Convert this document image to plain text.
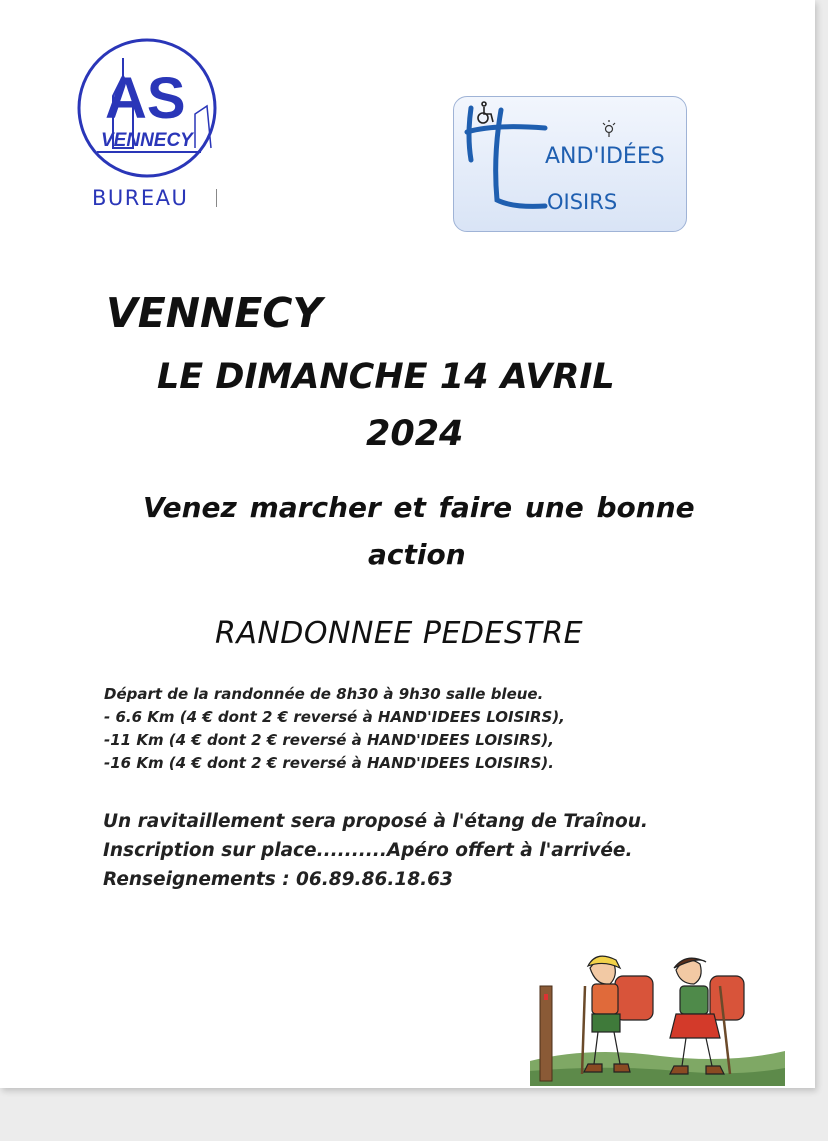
AS
VENNECY
BUREAU
AND'IDÉES
OISIRS
VENNECY
LE DIMANCHE 14 AVRIL
2024
Venez marcher et faire une bonne
action
RANDONNEE PEDESTRE
Départ de la randonnée de 8h30 à 9h30 salle bleue.
- 6.6 Km (4 € dont 2 € reversé à HAND'IDEES LOISIRS),
-11 Km (4 € dont 2 € reversé à HAND'IDEES LOISIRS),
-16 Km (4 € dont 2 € reversé à HAND'IDEES LOISIRS).
Un ravitaillement sera proposé à l'étang de Traînou.
Inscription sur place..........Apéro offert à l'arrivée.
Renseignements : 06.89.86.18.63
